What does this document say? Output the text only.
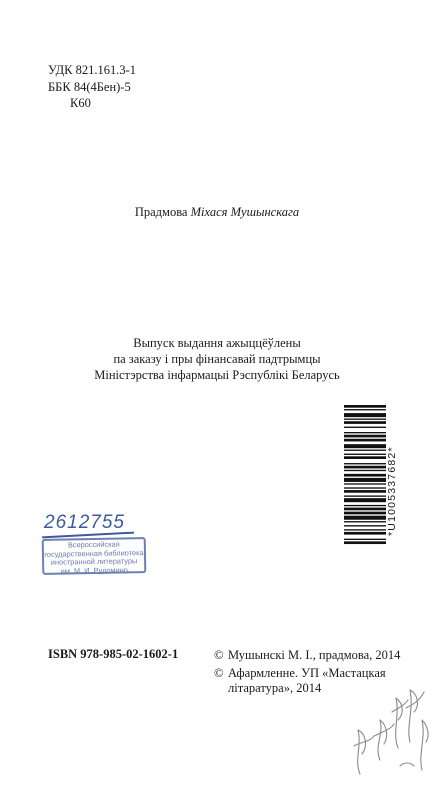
УДК 821.161.3-1
ББК 84(4Бен)-5
К60
Прадмова Міхася Мушынскага
Выпуск выдання ажыццёўлены
па заказу і пры фінансавай падтрымцы
Міністэрства інфармацыі Рэспублікі Беларусь
*U1005337682*
2612755
Всероссийская
государственная библиотека
иностранной литературы
им. М. И. Рудомино
ISBN 978-985-02-1602-1	© Мушынскі М. І., прадмова, 2014
© Афармленне. УП «Мастацкая літаратура», 2014
